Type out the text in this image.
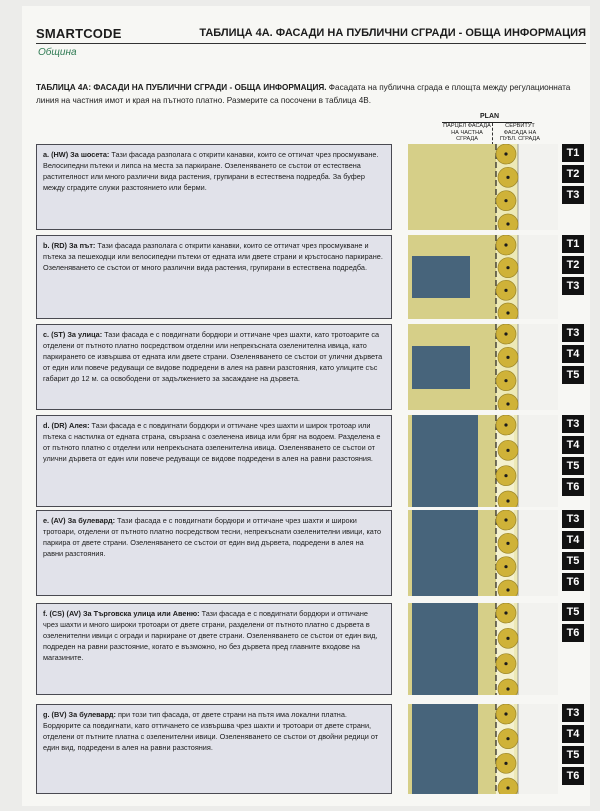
SMARTCODE	ТАБЛИЦА 4А. ФАСАДИ НА ПУБЛИЧНИ СГРАДИ - ОБЩА ИНФОРМАЦИЯ
Община
ТАБЛИЦА 4А: ФАСАДИ НА ПУБЛИЧНИ СГРАДИ - ОБЩА ИНФОРМАЦИЯ. Фасадата на публична сграда е площта между регулационната линия на частния имот и края на пътното платно. Размерите са посочени в таблица 4В.
PLAN
ПАРЦЕЛ ФАСАДА НА ЧАСТНА СГРАДА
СЕРВИТУТ ФАСАДА НА ПУБЛ. СГРАДА
a. (HW) За шосета: Тази фасада разполага с открити канавки, които се оттичат чрез просмукване. Велосипедни пътеки и липса на места за паркиране. Озеленяването се състои от естествена растителност или много различни вида растения, групирани в естествена подредба. За буфер между сградите служи разстоянието или берми.
T1
T2
T3
b. (RD) За път: Тази фасада разполага с открити канавки, които се оттичат чрез просмукване и пътека за пешеходци или велосипедни пътеки от едната или двете страни и кръстосано паркиране. Озеленяването се състои от много различни вида растения, групирани в естествена подредба.
T1
T2
T3
c. (ST) За улица: Тази фасада е с повдигнати бордюри и оттичане чрез шахти, като тротоарите са отделени от пътното платно посредством отделни или непрекъсната озеленителна ивица, като паркирането се извършва от едната или двете страни. Озеленяването се състои от улични дървета от един или повече редуващи се видове подредени в алея на равни разстояния, като улиците със габарит до 12 м. са освободени от задължението за засаждане на дървета.
T3
T4
T5
d. (DR) Алея: Тази фасада е с повдигнати бордюри и оттичане чрез шахти и широк тротоар или пътека с настилка от едната страна, свързана с озеленена ивица или бряг на водоем. Разделена е от пътното платно с отделни или непрекъсната озеленителна ивица. Озеленяването се състои от улични дървета от един или повече редуващи се видове подредени в алея на равни разстояния.
T3
T4
T5
T6
e. (AV) За булевард: Тази фасада е с повдигнати бордюри и оттичане чрез шахти и широки тротоари, отделени от пътното платно посредством тесни, непрекъснати озеленителни ивици, като паркира от двете страни. Озеленяването се състои от един вид дървета, подредени в алея на равни разстояния.
T3
T4
T5
T6
f. (CS) (AV) За Търговска улица или Авеню: Тази фасада е с повдигнати бордюри и оттичане чрез шахти и много широки тротоари от двете страни, разделени от пътното платно с дървета в озеленителни ивици с огради и паркиране от двете страни. Озеленяването се състои от един вид, подреден на равни разстояние, когато е възможно, но без дървета пред главните входове на магазините.
T5
T6
g. (BV) За булевард: при този тип фасада, от двете страни на пътя има локални платна. Бордюрите са повдигнати, като оттичането се извършва чрез шахти и тротоари от двете страни, отделени от пътните платна с озеленителни ивици. Озеленяването се състои от двойни редици от един вид, подредени в алея на равни разстояния.
T3
T4
T5
T6
